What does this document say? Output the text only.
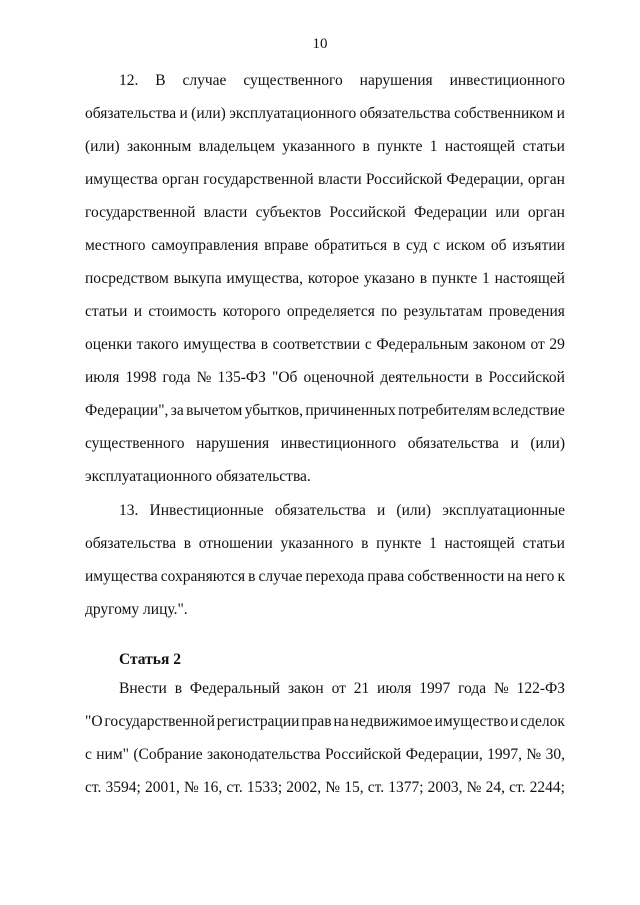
10
12. В случае существенного нарушения инвестиционного
обязательства и (или) эксплуатационного обязательства собственником и
(или) законным владельцем указанного в пункте 1 настоящей статьи
имущества орган государственной власти Российской Федерации, орган
государственной власти субъектов Российской Федерации или орган
местного самоуправления вправе обратиться в суд с иском об изъятии
посредством выкупа имущества, которое указано в пункте 1 настоящей
статьи и стоимость которого определяется по результатам проведения
оценки такого имущества в соответствии с Федеральным законом от 29
июля 1998 года № 135-ФЗ "Об оценочной деятельности в Российской
Федерации", за вычетом убытков, причиненных потребителям вследствие
существенного нарушения инвестиционного обязательства и (или)
эксплуатационного обязательства.
13. Инвестиционные обязательства и (или) эксплуатационные
обязательства в отношении указанного в пункте 1 настоящей статьи
имущества сохраняются в случае перехода права собственности на него к
другому лицу.".
Статья 2
Внести в Федеральный закон от 21 июля 1997 года № 122-ФЗ
"О государственной регистрации прав на недвижимое имущество и сделок
с ним" (Собрание законодательства Российской Федерации, 1997, № 30,
ст. 3594; 2001, № 16, ст. 1533; 2002, № 15, ст. 1377; 2003, № 24, ст. 2244;
